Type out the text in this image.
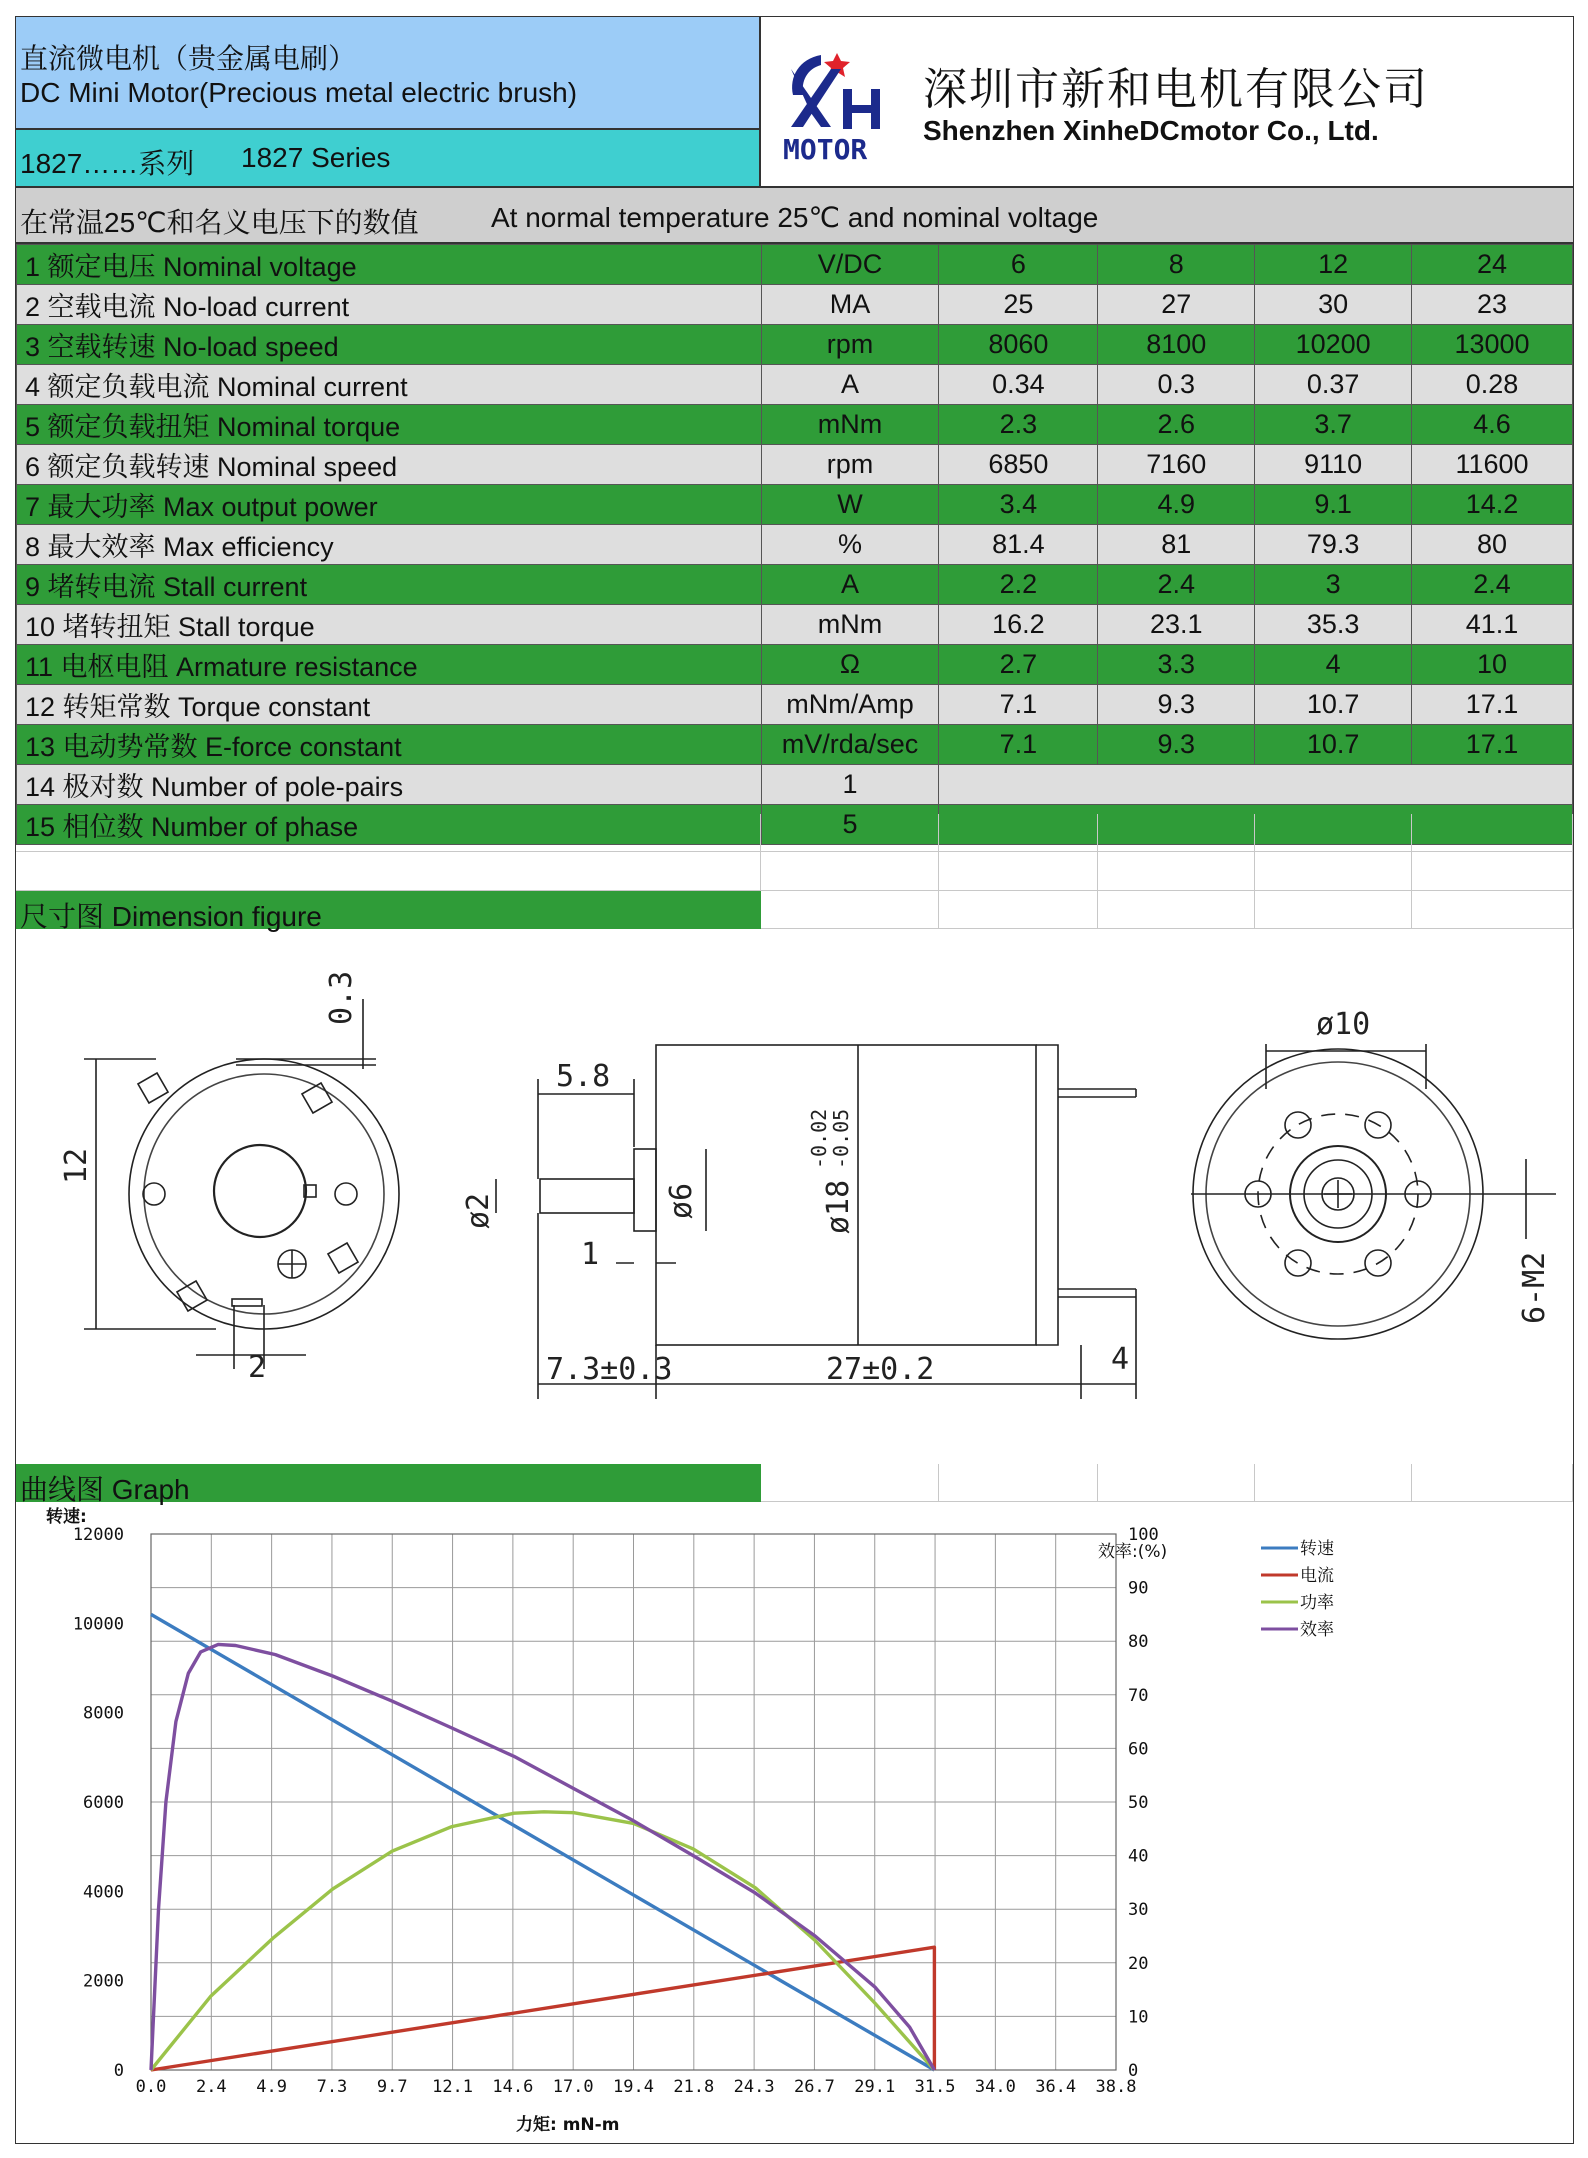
直流微电机（贵金属电刷）
DC Mini Motor(Precious metal electric brush)
1827……系列 1827 Series	MOTOR
深圳市新和电机有限公司
Shenzhen XinheDCmotor Co., Ltd.
在常温25℃和名义电压下的数值	At normal temperature 25℃ and nominal voltage
1 额定电压 Nominal voltage	V/DC	6	8	12	24
2 空载电流 No-load current	MA	25	27	30	23
3 空载转速 No-load speed	rpm	8060	8100	10200	13000
4 额定负载电流 Nominal current	A	0.34	0.3	0.37	0.28
5 额定负载扭矩 Nominal torque	mNm	2.3	2.6	3.7	4.6
6 额定负载转速 Nominal speed	rpm	6850	7160	9110	11600
7 最大功率 Max output power	W	3.4	4.9	9.1	14.2
8 最大效率 Max efficiency	%	81.4	81	79.3	80
9 堵转电流 Stall current	A	2.2	2.4	3	2.4
10 堵转扭矩 Stall torque	mNm	16.2	23.1	35.3	41.1
11 电枢电阻 Armature resistance	Ω	2.7	3.3	4	10
12 转矩常数 Torque constant	mNm/Amp	7.1	9.3	10.7	17.1
13 电动势常数 E-force constant	mV/rda/sec	7.1	9.3	10.7	17.1
14 极对数 Number of pole-pairs	1				
15 相位数 Number of phase	5				
尺寸图 Dimension figure
0.3
12
2
5.8
ø6
ø2
1
ø18
-0.02
-0.05
7.3±0.3	27±0.2	4
ø10
6-M2
曲线图 Graph
0.0 2.4 4.9 7.3 9.7 12.1 14.6 17.0 19.4 21.8 24.3 26.7 29.1 31.5 34.0 36.4 38.8
0
10
20
30
40
50
60
70
80
90
100
0
2000
4000
6000
8000
10000
12000
力矩: mN-m
转速:
效率:(%)	转速
电流
功率
效率
